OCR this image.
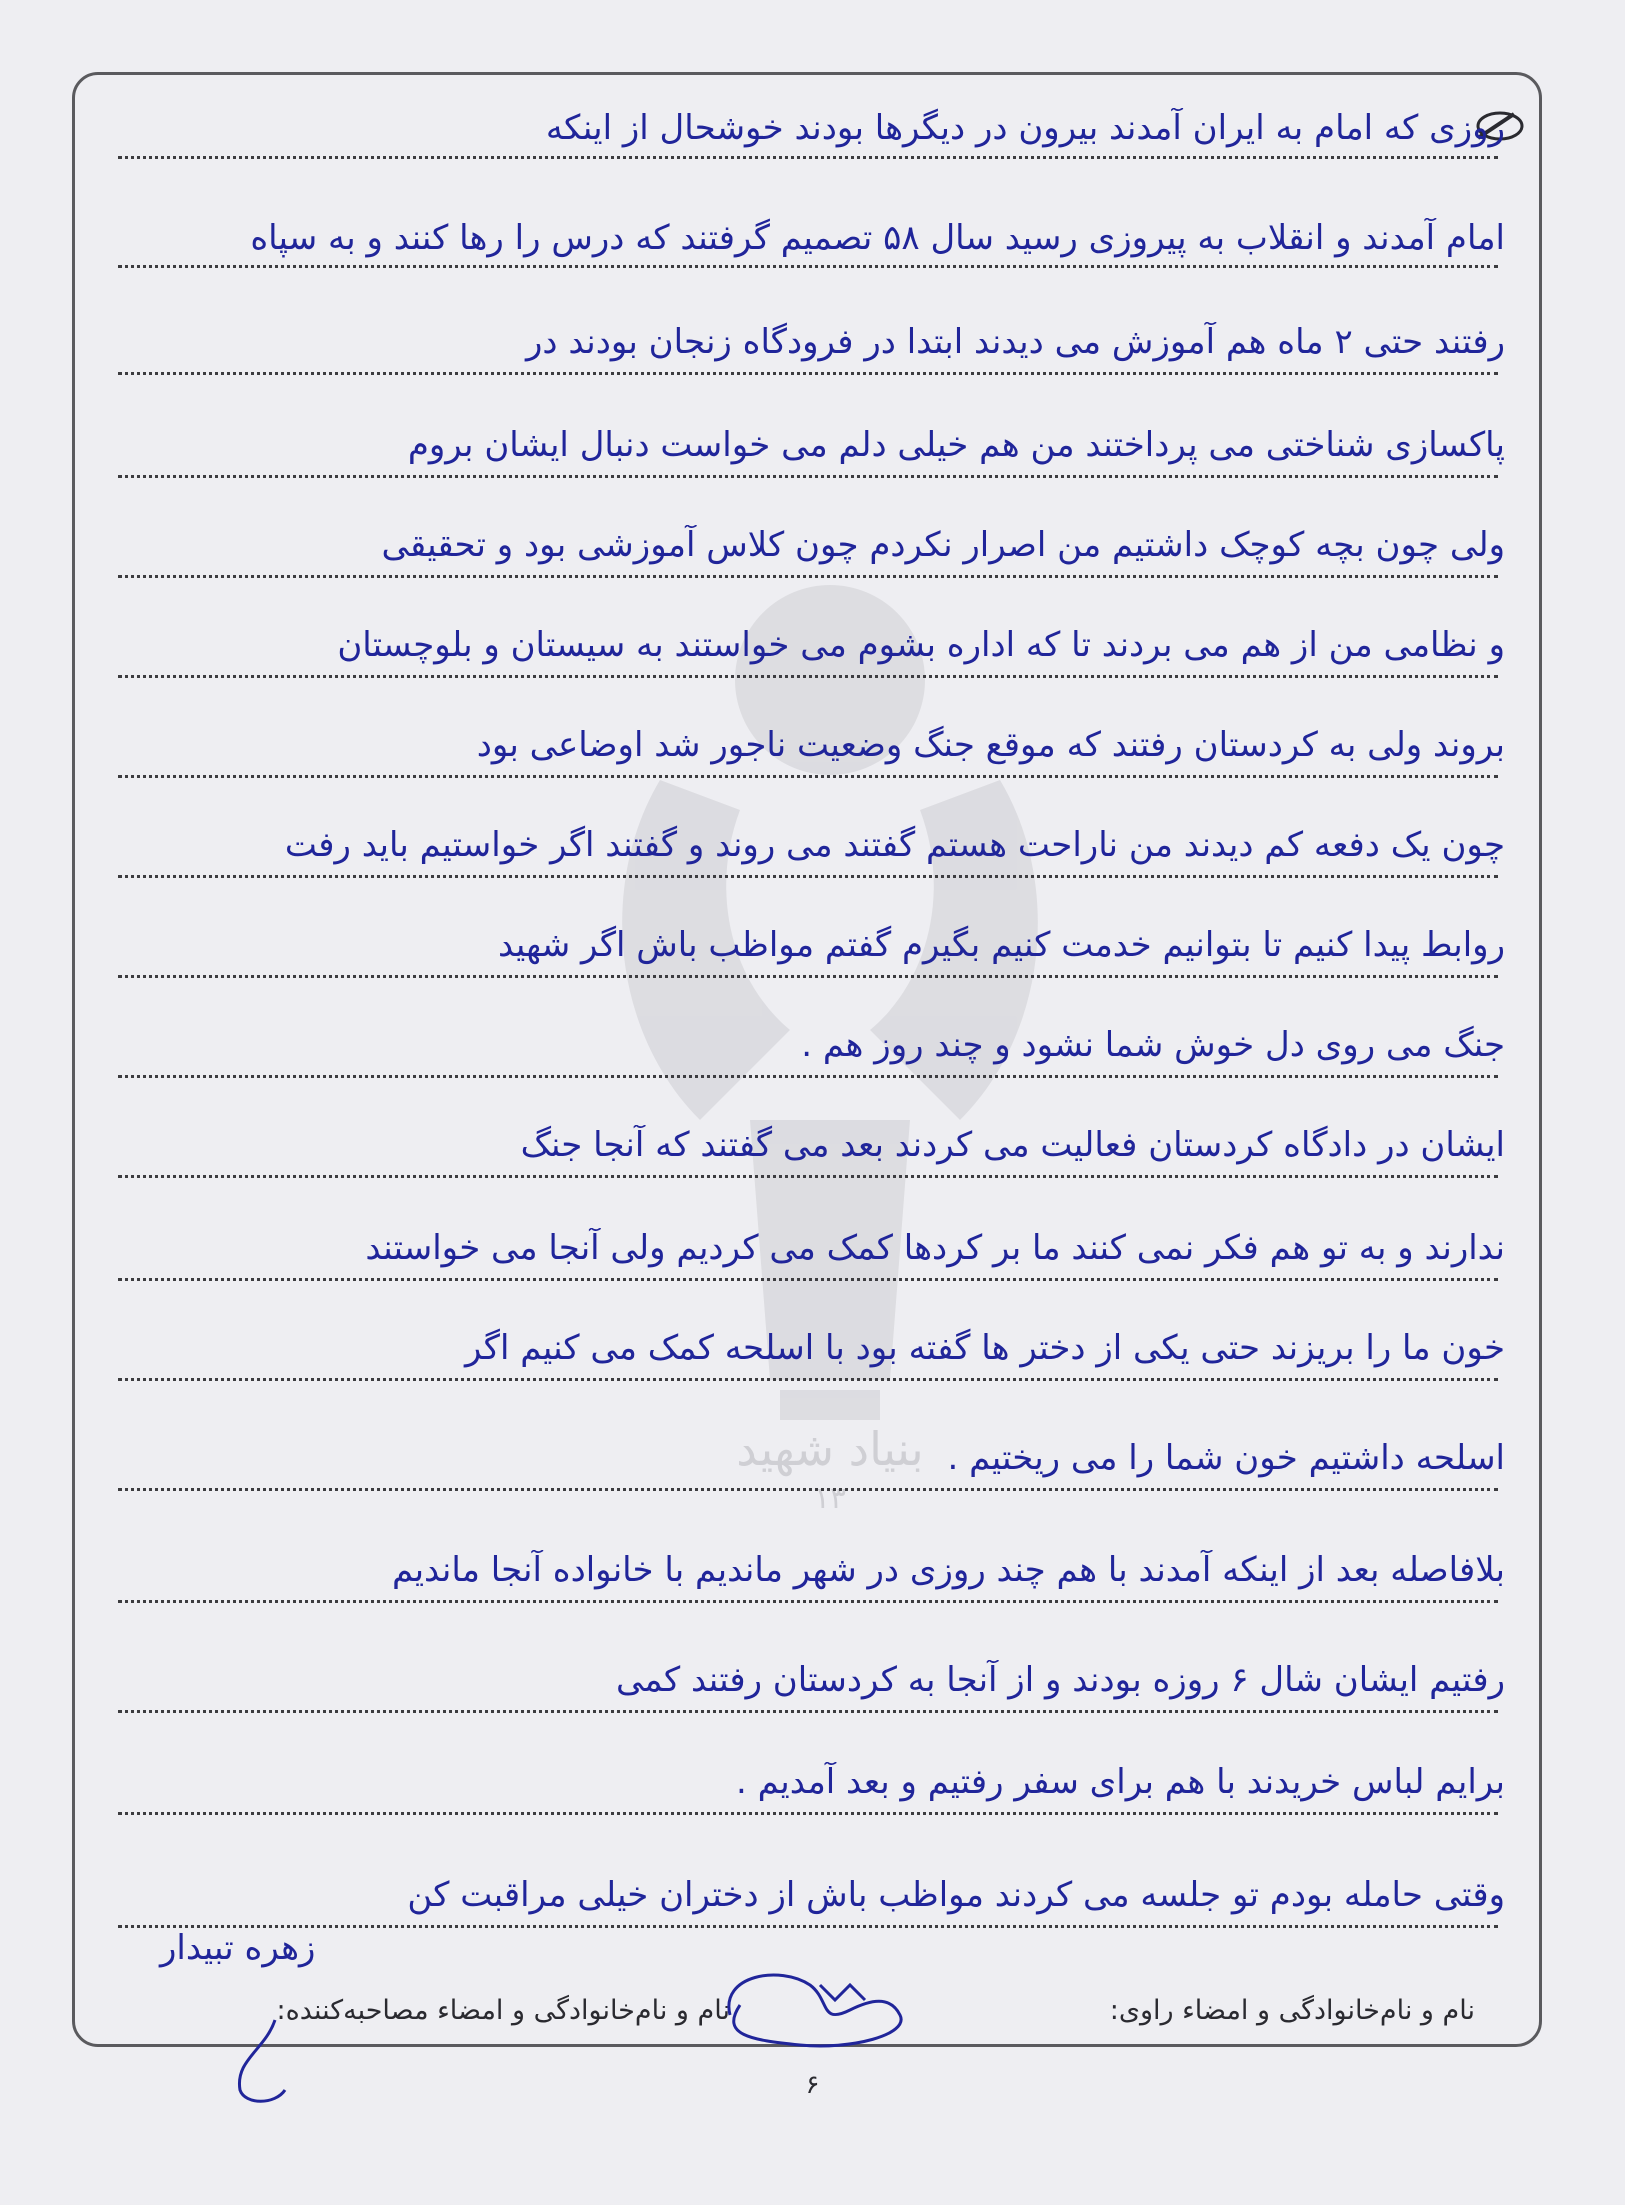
بنیاد شهید
۱۳
روزی که امام به ایران آمدند بیرون در دیگرها بودند خوشحال از اینکه
امام آمدند و انقلاب به پیروزی رسید سال ۵۸ تصمیم گرفتند که درس را رها کنند و به سپاه
رفتند حتی ۲ ماه هم آموزش می دیدند ابتدا در فرودگاه زنجان بودند در
پاکسازی شناختی می پرداختند من هم خیلی دلم می خواست دنبال ایشان بروم
ولی چون بچه کوچک داشتیم من اصرار نکردم چون کلاس آموزشی بود و تحقیقی
و نظامی من از هم می بردند تا که اداره بشوم می خواستند به سیستان و بلوچستان
بروند ولی به کردستان رفتند که موقع جنگ وضعیت ناجور شد اوضاعی بود
چون یک دفعه کم دیدند من ناراحت هستم گفتند می روند و گفتند اگر خواستیم باید رفت
روابط پیدا کنیم تا بتوانیم خدمت کنیم بگیرم گفتم مواظب باش اگر شهید
جنگ می روی دل خوش شما نشود و چند روز هم .
ایشان در دادگاه کردستان فعالیت می کردند بعد می گفتند که آنجا جنگ
ندارند و به تو هم فکر نمی کنند ما بر کردها کمک می کردیم ولی آنجا می خواستند
خون ما را بریزند حتی یکی از دختر ها گفته بود با اسلحه کمک می کنیم اگر
اسلحه داشتیم خون شما را می ریختیم .
بلافاصله بعد از اینکه آمدند با هم چند روزی در شهر ماندیم با خانواده آنجا ماندیم
رفتیم ایشان شال ۶ روزه بودند و از آنجا به کردستان رفتند کمی
برایم لباس خریدند با هم برای سفر رفتیم و بعد آمدیم .
وقتی حامله بودم تو جلسه می کردند مواظب باش از دختران خیلی مراقبت کن
زهره تبیدار
نام و نام‌خانوادگی و امضاء راوی:
نام و نام‌خانوادگی و امضاء مصاحبه‌کننده:
۶
